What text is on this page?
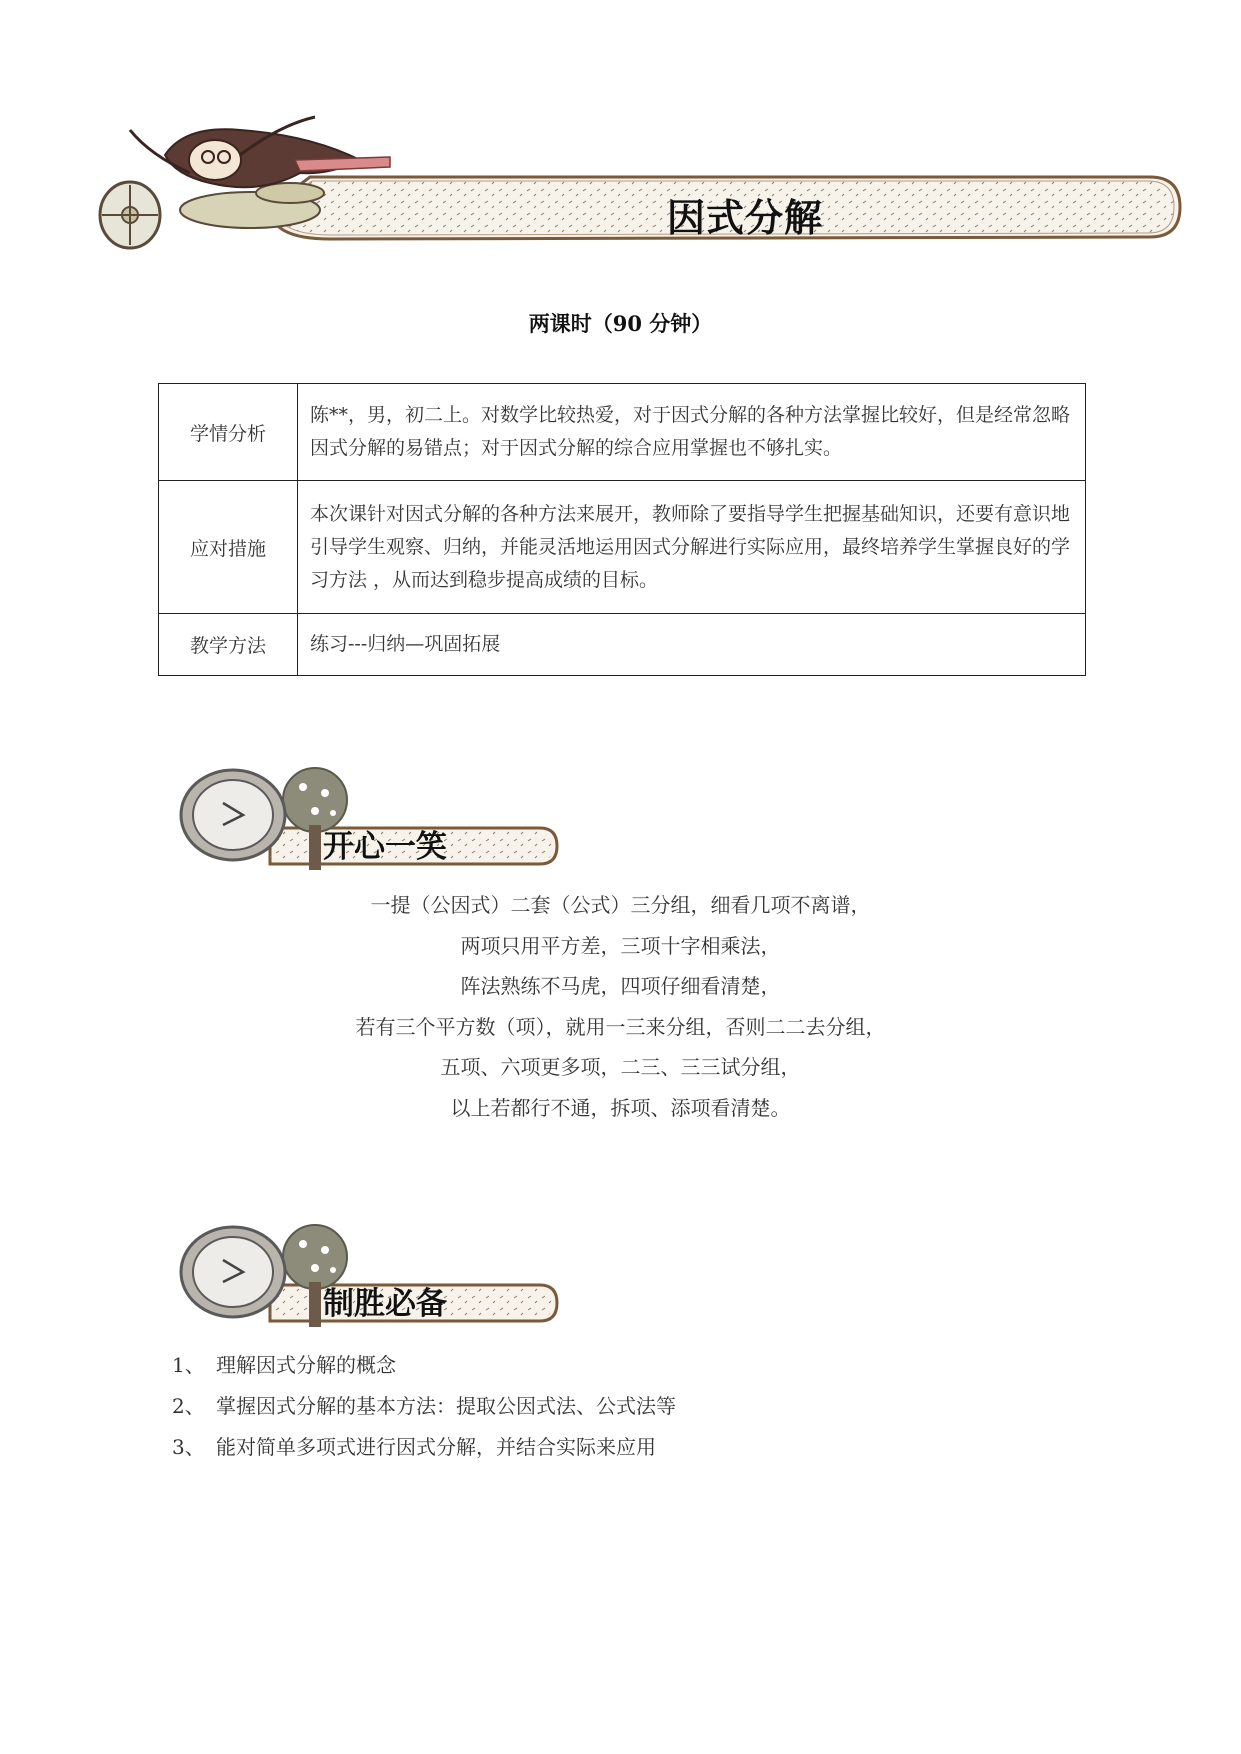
因式分解
两课时（90 分钟）
学情分析	陈**，男，初二上。对数学比较热爱，对于因式分解的各种方法掌握比较好，但是经常忽略因式分解的易错点；对于因式分解的综合应用掌握也不够扎实。
应对措施	本次课针对因式分解的各种方法来展开，教师除了要指导学生把握基础知识，还要有意识地引导学生观察、归纳，并能灵活地运用因式分解进行实际应用，最终培养学生掌握良好的学习方法 ，从而达到稳步提高成绩的目标。
教学方法	练习---归纳—巩固拓展
开心一笑
一提（公因式）二套（公式）三分组，细看几项不离谱，
两项只用平方差，三项十字相乘法，
阵法熟练不马虎，四项仔细看清楚，
若有三个平方数（项），就用一三来分组，否则二二去分组，
五项、六项更多项，二三、三三试分组，
以上若都行不通，拆项、添项看清楚。
制胜必备
1、 理解因式分解的概念
2、 掌握因式分解的基本方法：提取公因式法、公式法等
3、 能对简单多项式进行因式分解，并结合实际来应用
